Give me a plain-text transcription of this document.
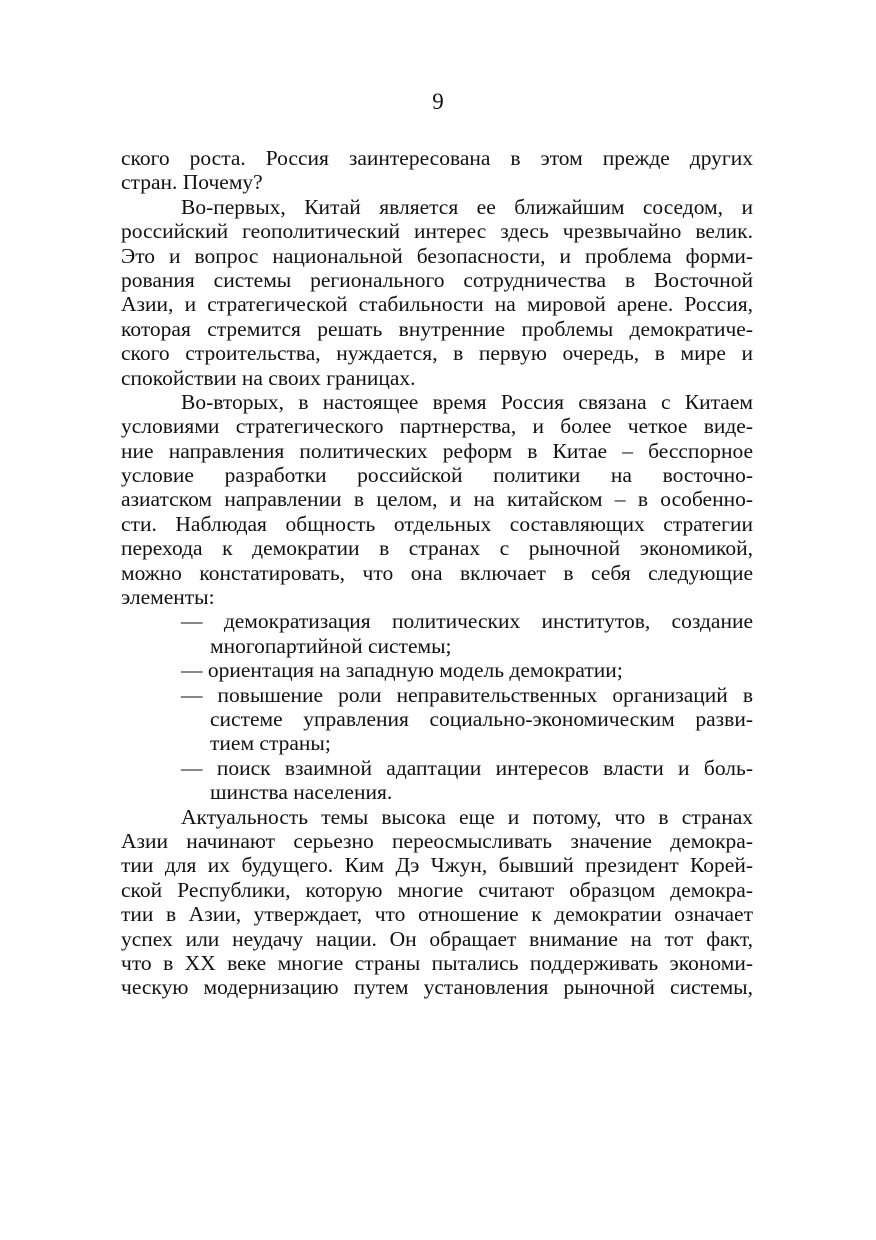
9
ского роста. Россия заинтересована в этом прежде других
стран. Почему?
Во-первых, Китай является ее ближайшим соседом, и
российский геополитический интерес здесь чрезвычайно велик.
Это и вопрос национальной безопасности, и проблема форми-
рования системы регионального сотрудничества в Восточной
Азии, и стратегической стабильности на мировой арене. Россия,
которая стремится решать внутренние проблемы демократиче-
ского строительства, нуждается, в первую очередь, в мире и
спокойствии на своих границах.
Во-вторых, в настоящее время Россия связана с Китаем
условиями стратегического партнерства, и более четкое виде-
ние направления политических реформ в Китае – бесспорное
условие разработки российской политики на восточно-
азиатском направлении в целом, и на китайском – в особенно-
сти. Наблюдая общность отдельных составляющих стратегии
перехода к демократии в странах с рыночной экономикой,
можно констатировать, что она включает в себя следующие
элементы:
— демократизация политических институтов, создание
многопартийной системы;
— ориентация на западную модель демократии;
— повышение роли неправительственных организаций в
системе управления социально-экономическим разви-
тием страны;
— поиск взаимной адаптации интересов власти и боль-
шинства населения.
Актуальность темы высока еще и потому, что в странах
Азии начинают серьезно переосмысливать значение демокра-
тии для их будущего. Ким Дэ Чжун, бывший президент Корей-
ской Республики, которую многие считают образцом демокра-
тии в Азии, утверждает, что отношение к демократии означает
успех или неудачу нации. Он обращает внимание на тот факт,
что в XX веке многие страны пытались поддерживать экономи-
ческую модернизацию путем установления рыночной системы,
